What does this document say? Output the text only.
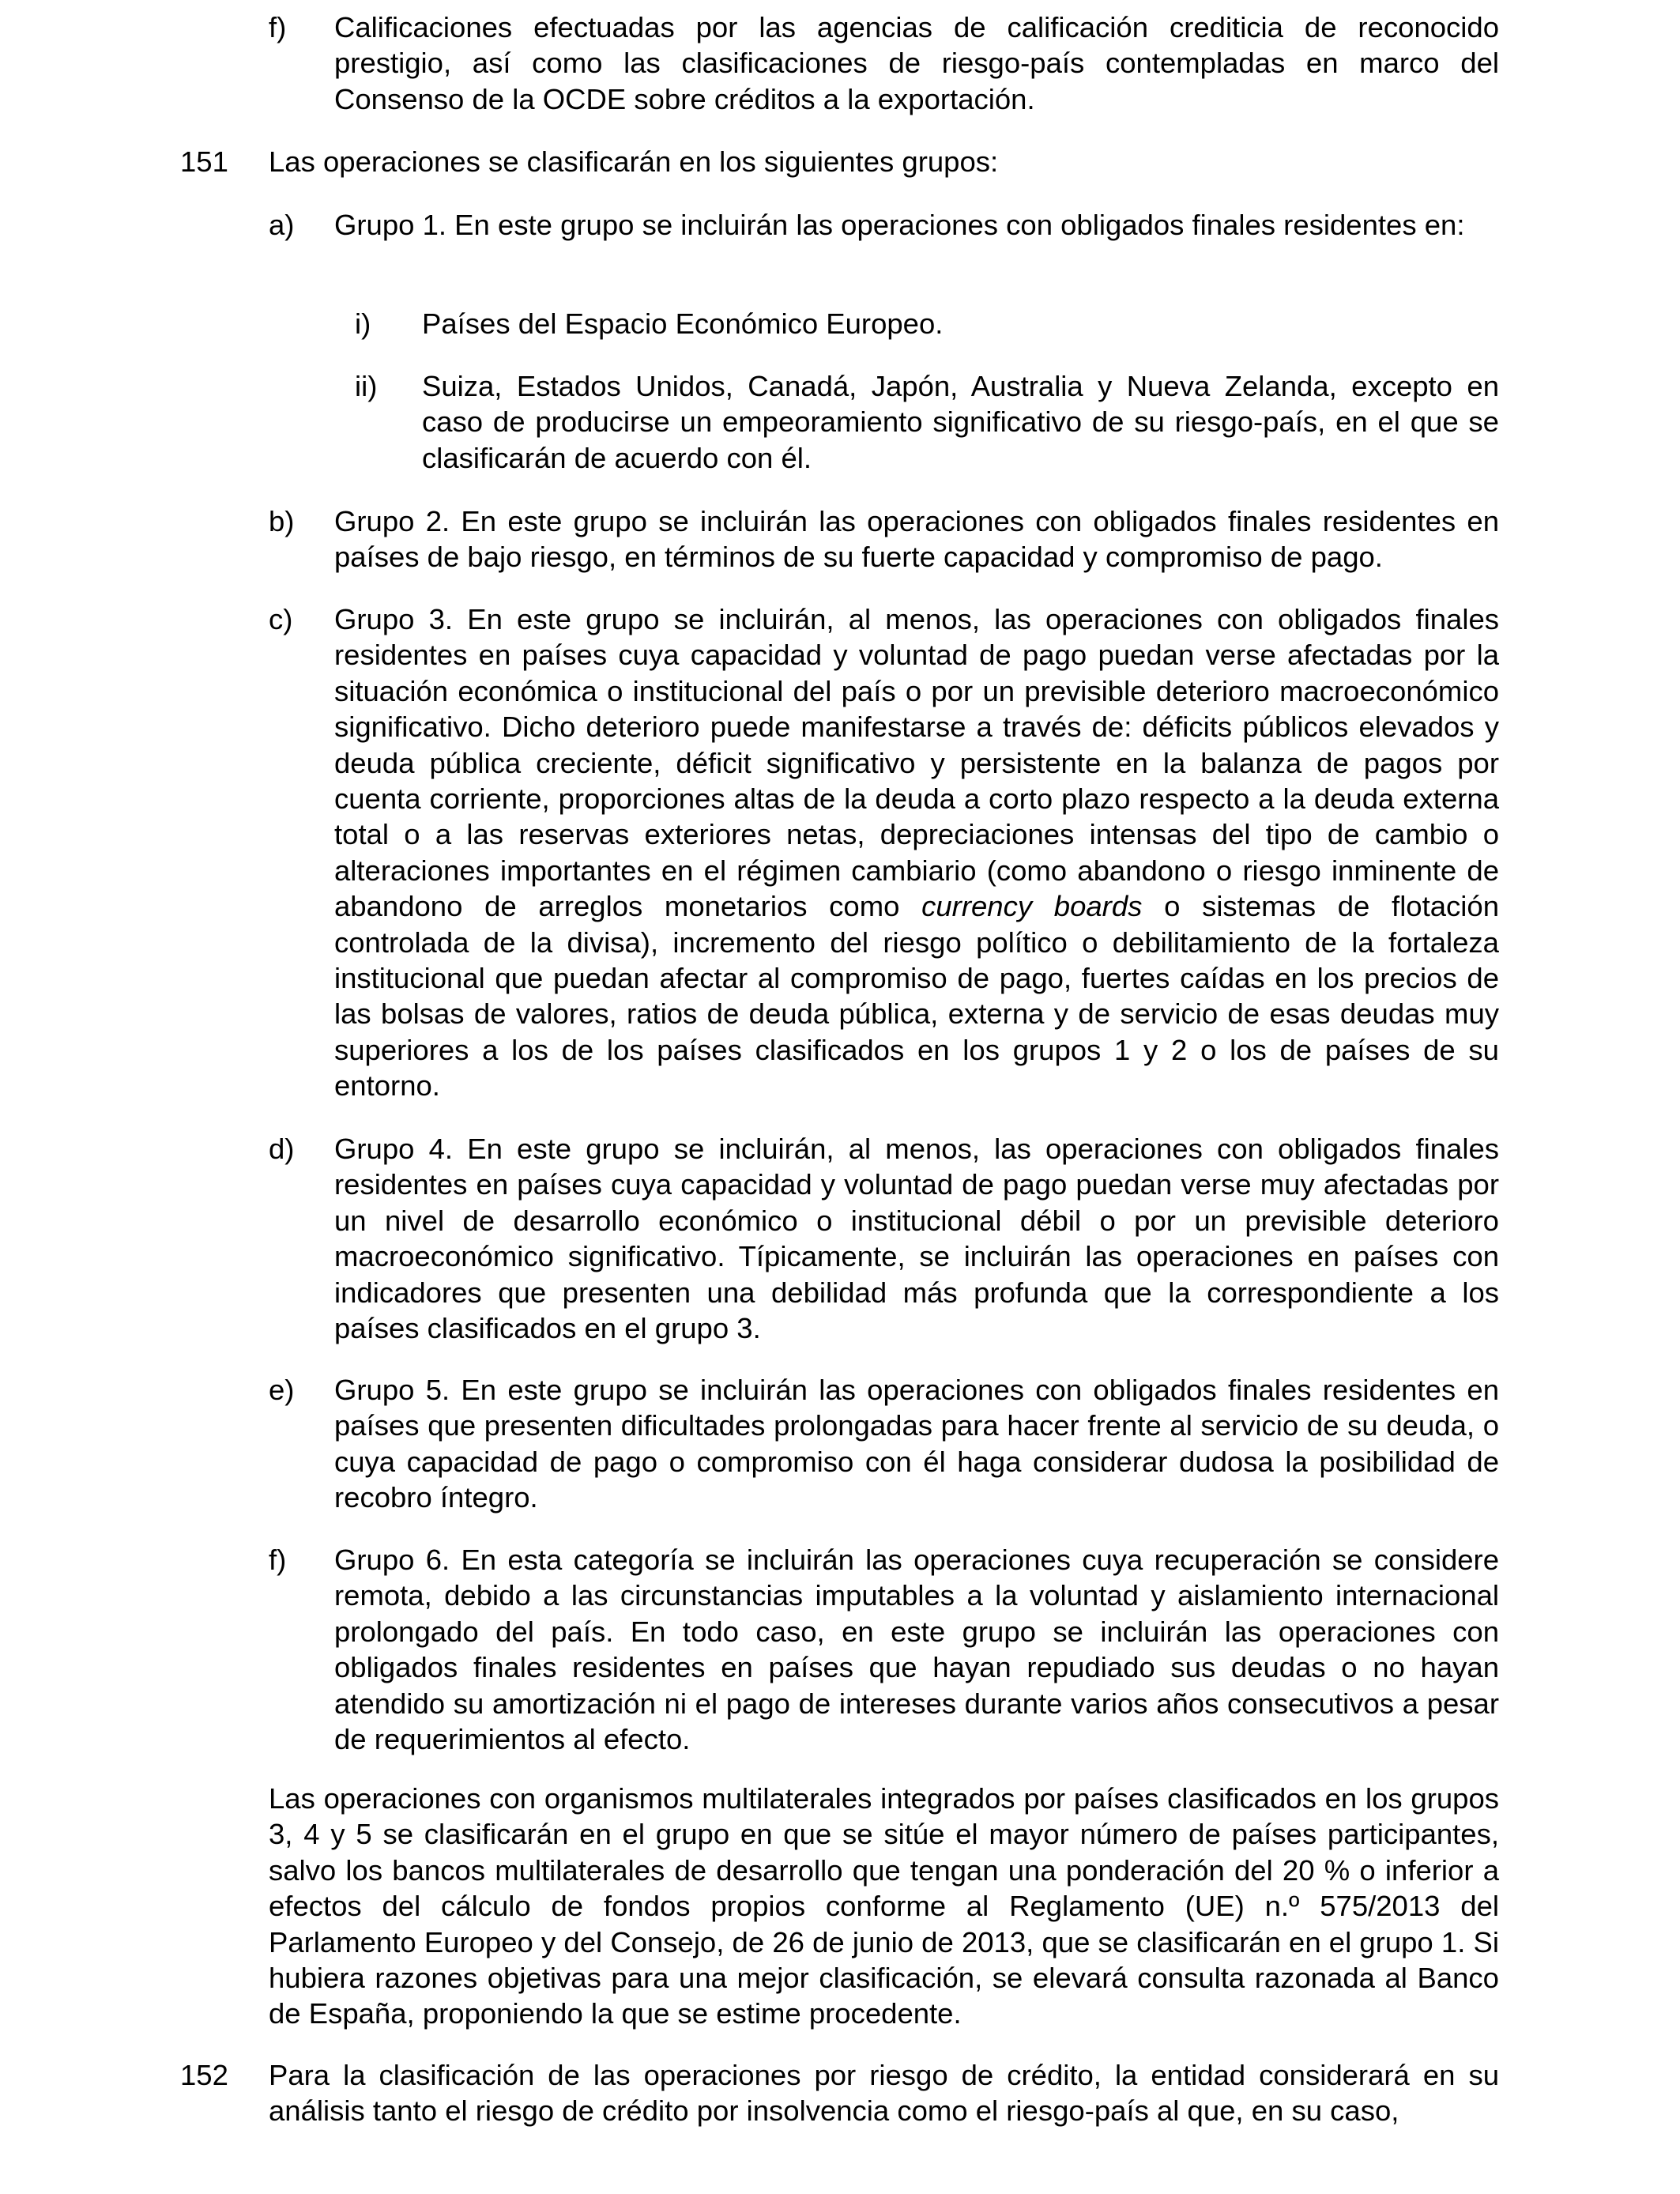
f) Calificaciones efectuadas por las agencias de calificación crediticia de reconocido prestigio, así como las clasificaciones de riesgo-país contempladas en marco del Consenso de la OCDE sobre créditos a la exportación.
151 Las operaciones se clasificarán en los siguientes grupos:
a) Grupo 1. En este grupo se incluirán las operaciones con obligados finales residentes en:
i) Países del Espacio Económico Europeo.
ii) Suiza, Estados Unidos, Canadá, Japón, Australia y Nueva Zelanda, excepto en caso de producirse un empeoramiento significativo de su riesgo-país, en el que se clasificarán de acuerdo con él.
b) Grupo 2. En este grupo se incluirán las operaciones con obligados finales residentes en países de bajo riesgo, en términos de su fuerte capacidad y compromiso de pago.
c) Grupo 3. En este grupo se incluirán, al menos, las operaciones con obligados finales residentes en países cuya capacidad y voluntad de pago puedan verse afectadas por la situación económica o institucional del país o por un previsible deterioro macroeconómico significativo. Dicho deterioro puede manifestarse a través de: déficits públicos elevados y deuda pública creciente, déficit significativo y persistente en la balanza de pagos por cuenta corriente, proporciones altas de la deuda a corto plazo respecto a la deuda externa total o a las reservas exteriores netas, depreciaciones intensas del tipo de cambio o alteraciones importantes en el régimen cambiario (como abandono o riesgo inminente de abandono de arreglos monetarios como currency boards o sistemas de flotación controlada de la divisa), incremento del riesgo político o debilitamiento de la fortaleza institucional que puedan afectar al compromiso de pago, fuertes caídas en los precios de las bolsas de valores, ratios de deuda pública, externa y de servicio de esas deudas muy superiores a los de los países clasificados en los grupos 1 y 2 o los de países de su entorno.
d) Grupo 4. En este grupo se incluirán, al menos, las operaciones con obligados finales residentes en países cuya capacidad y voluntad de pago puedan verse muy afectadas por un nivel de desarrollo económico o institucional débil o por un previsible deterioro macroeconómico significativo. Típicamente, se incluirán las operaciones en países con indicadores que presenten una debilidad más profunda que la correspondiente a los países clasificados en el grupo 3.
e) Grupo 5. En este grupo se incluirán las operaciones con obligados finales residentes en países que presenten dificultades prolongadas para hacer frente al servicio de su deuda, o cuya capacidad de pago o compromiso con él haga considerar dudosa la posibilidad de recobro íntegro.
f) Grupo 6. En esta categoría se incluirán las operaciones cuya recuperación se considere remota, debido a las circunstancias imputables a la voluntad y aislamiento internacional prolongado del país. En todo caso, en este grupo se incluirán las operaciones con obligados finales residentes en países que hayan repudiado sus deudas o no hayan atendido su amortización ni el pago de intereses durante varios años consecutivos a pesar de requerimientos al efecto.
Las operaciones con organismos multilaterales integrados por países clasificados en los grupos 3, 4 y 5 se clasificarán en el grupo en que se sitúe el mayor número de países participantes, salvo los bancos multilaterales de desarrollo que tengan una ponderación del 20 % o inferior a efectos del cálculo de fondos propios conforme al Reglamento (UE) n.º 575/2013 del Parlamento Europeo y del Consejo, de 26 de junio de 2013, que se clasificarán en el grupo 1. Si hubiera razones objetivas para una mejor clasificación, se elevará consulta razonada al Banco de España, proponiendo la que se estime procedente.
152 Para la clasificación de las operaciones por riesgo de crédito, la entidad considerará en su análisis tanto el riesgo de crédito por insolvencia como el riesgo-país al que, en su caso,
